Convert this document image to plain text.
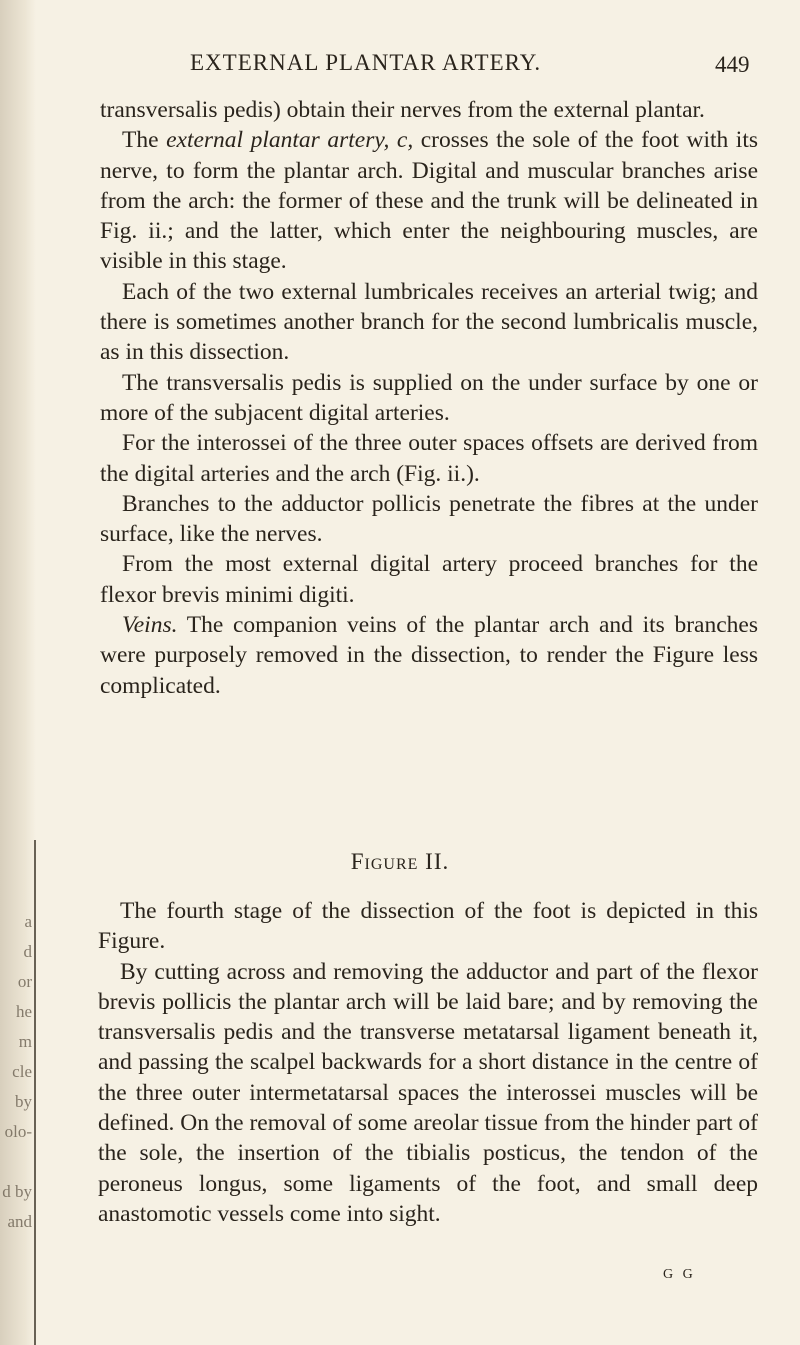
a
d
or
he
m
cle
by
olo-
d by
and
EXTERNAL PLANTAR ARTERY.	449

transversalis pedis) obtain their nerves from the external plantar.

The external plantar artery, c, crosses the sole of the foot with its nerve, to form the plantar arch. Digital and muscular branches arise from the arch: the former of these and the trunk will be delineated in Fig. ii.; and the latter, which enter the neighbouring muscles, are visible in this stage.

Each of the two external lumbricales receives an arterial twig; and there is sometimes another branch for the second lumbricalis muscle, as in this dissection.

The transversalis pedis is supplied on the under surface by one or more of the subjacent digital arteries.

For the interossei of the three outer spaces offsets are derived from the digital arteries and the arch (Fig. ii.).

Branches to the adductor pollicis penetrate the fibres at the under surface, like the nerves.

From the most external digital artery proceed branches for the flexor brevis minimi digiti.

Veins. The companion veins of the plantar arch and its branches were purposely removed in the dissection, to render the Figure less complicated.

Figure II.

The fourth stage of the dissection of the foot is depicted in this Figure.

By cutting across and removing the adductor and part of the flexor brevis pollicis the plantar arch will be laid bare; and by removing the transversalis pedis and the transverse metatarsal ligament beneath it, and passing the scalpel backwards for a short distance in the centre of the three outer intermetatarsal spaces the interossei muscles will be defined. On the removal of some areolar tissue from the hinder part of the sole, the insertion of the tibialis posticus, the tendon of the peroneus longus, some ligaments of the foot, and small deep anastomotic vessels come into sight.

G G
